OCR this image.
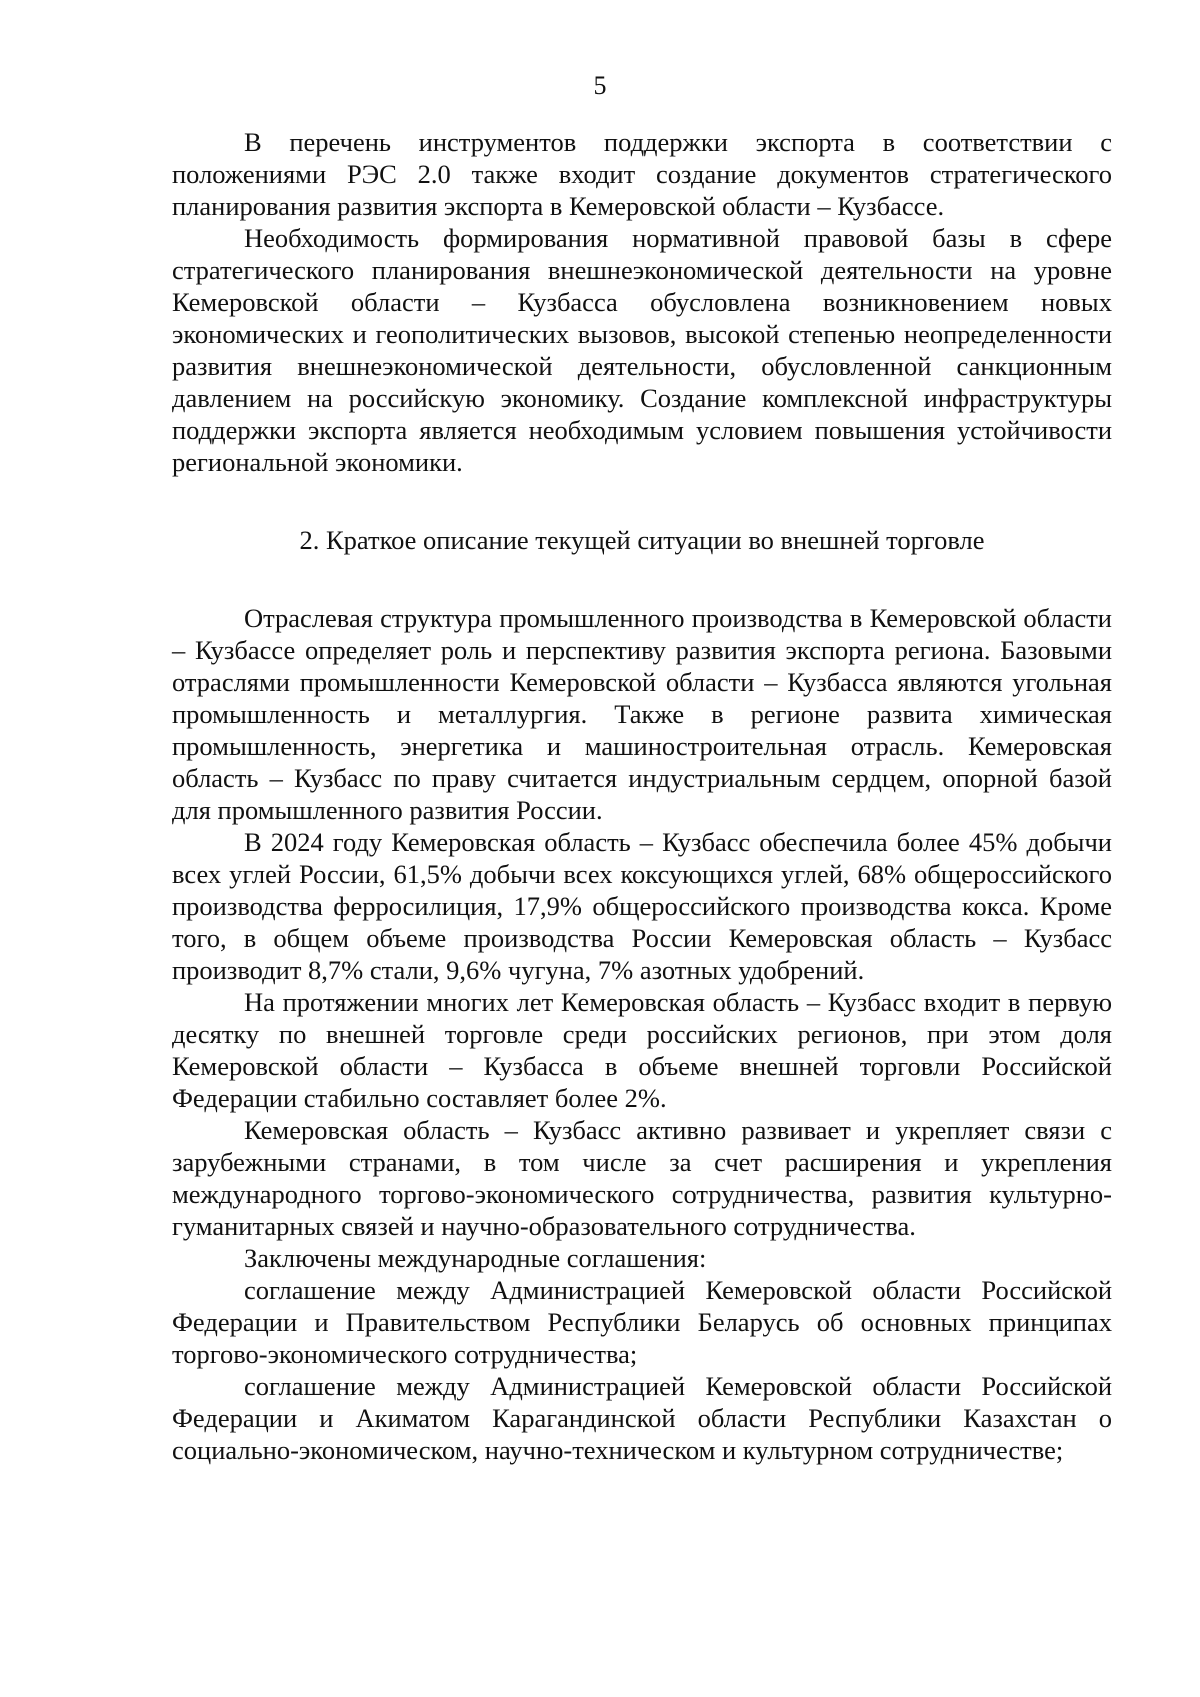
5

В перечень инструментов поддержки экспорта в соответствии с положениями РЭС 2.0 также входит создание документов стратегического планирования развития экспорта в Кемеровской области – Кузбассе.

Необходимость формирования нормативной правовой базы в сфере стратегического планирования внешнеэкономической деятельности на уровне Кемеровской области – Кузбасса обусловлена возникновением новых экономических и геополитических вызовов, высокой степенью неопределенности развития внешнеэкономической деятельности, обусловленной санкционным давлением на российскую экономику. Создание комплексной инфраструктуры поддержки экспорта является необходимым условием повышения устойчивости региональной экономики.

2. Краткое описание текущей ситуации во внешней торговле

Отраслевая структура промышленного производства в Кемеровской области – Кузбассе определяет роль и перспективу развития экспорта региона. Базовыми отраслями промышленности Кемеровской области – Кузбасса являются угольная промышленность и металлургия. Также в регионе развита химическая промышленность, энергетика и машиностроительная отрасль. Кемеровская область – Кузбасс по праву считается индустриальным сердцем, опорной базой для промышленного развития России.

В 2024 году Кемеровская область – Кузбасс обеспечила более 45% добычи всех углей России, 61,5% добычи всех коксующихся углей, 68% общероссийского производства ферросилиция, 17,9% общероссийского производства кокса. Кроме того, в общем объеме производства России Кемеровская область – Кузбасс производит 8,7% стали, 9,6% чугуна, 7% азотных удобрений.

На протяжении многих лет Кемеровская область – Кузбасс входит в первую десятку по внешней торговле среди российских регионов, при этом доля Кемеровской области – Кузбасса в объеме внешней торговли Российской Федерации стабильно составляет более 2%.

Кемеровская область – Кузбасс активно развивает и укрепляет связи с зарубежными странами, в том числе за счет расширения и укрепления международного торгово-экономического сотрудничества, развития культурно-гуманитарных связей и научно-образовательного сотрудничества.

Заключены международные соглашения:

соглашение между Администрацией Кемеровской области Российской Федерации и Правительством Республики Беларусь об основных принципах торгово-экономического сотрудничества;

соглашение между Администрацией Кемеровской области Российской Федерации и Акиматом Карагандинской области Республики Казахстан о социально-экономическом, научно-техническом и культурном сотрудничестве;
